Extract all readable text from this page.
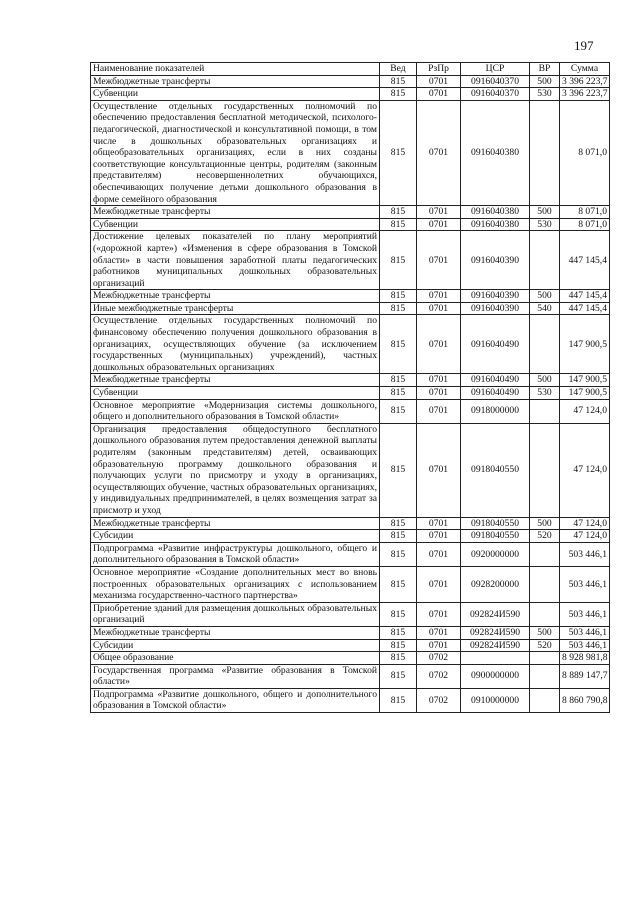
197
Наименование показателей	Вед	РзПр	ЦСР	ВР	Сумма
Межбюджетные трансферты	815	0701	0916040370	500	3 396 223,7
Субвенции	815	0701	0916040370	530	3 396 223,7
Осуществление отдельных государственных полномочий по обеспечению предоставления бесплатной методической, психолого-педагогической, диагностической и консультативной помощи, в том числе в дошкольных образовательных организациях и общеобразовательных организациях, если в них созданы соответствующие консультационные центры, родителям (законным представителям) несовершеннолетних обучающихся, обеспечивающих получение детьми дошкольного образования в форме семейного образования	815	0701	0916040380		8 071,0
Межбюджетные трансферты	815	0701	0916040380	500	8 071,0
Субвенции	815	0701	0916040380	530	8 071,0
Достижение целевых показателей по плану мероприятий («дорожной карте») «Изменения в сфере образования в Томской области» в части повышения заработной платы педагогических работников муниципальных дошкольных образовательных организаций	815	0701	0916040390		447 145,4
Межбюджетные трансферты	815	0701	0916040390	500	447 145,4
Иные межбюджетные трансферты	815	0701	0916040390	540	447 145,4
Осуществление отдельных государственных полномочий по финансовому обеспечению получения дошкольного образования в организациях, осуществляющих обучение (за исключением государственных (муниципальных) учреждений), частных дошкольных образовательных организациях	815	0701	0916040490		147 900,5
Межбюджетные трансферты	815	0701	0916040490	500	147 900,5
Субвенции	815	0701	0916040490	530	147 900,5
Основное мероприятие «Модернизация системы дошкольного, общего и дополнительного образования в Томской области»	815	0701	0918000000		47 124,0
Организация предоставления общедоступного бесплатного дошкольного образования путем предоставления денежной выплаты родителям (законным представителям) детей, осваивающих образовательную программу дошкольного образования и получающих услуги по присмотру и уходу в организациях, осуществляющих обучение, частных образовательных организациях, у индивидуальных предпринимателей, в целях возмещения затрат за присмотр и уход	815	0701	0918040550		47 124,0
Межбюджетные трансферты	815	0701	0918040550	500	47 124,0
Субсидии	815	0701	0918040550	520	47 124,0
Подпрограмма «Развитие инфраструктуры дошкольного, общего и дополнительного образования в Томской области»	815	0701	0920000000		503 446,1
Основное мероприятие «Создание дополнительных мест во вновь построенных образовательных организациях с использованием механизма государственно-частного партнерства»	815	0701	0928200000		503 446,1
Приобретение зданий для размещения дошкольных образовательных организаций	815	0701	092824И590		503 446,1
Межбюджетные трансферты	815	0701	092824И590	500	503 446,1
Субсидии	815	0701	092824И590	520	503 446,1
Общее образование	815	0702			8 928 981,8
Государственная программа «Развитие образования в Томской области»	815	0702	0900000000		8 889 147,7
Подпрограмма «Развитие дошкольного, общего и дополнительного образования в Томской области»	815	0702	0910000000		8 860 790,8
